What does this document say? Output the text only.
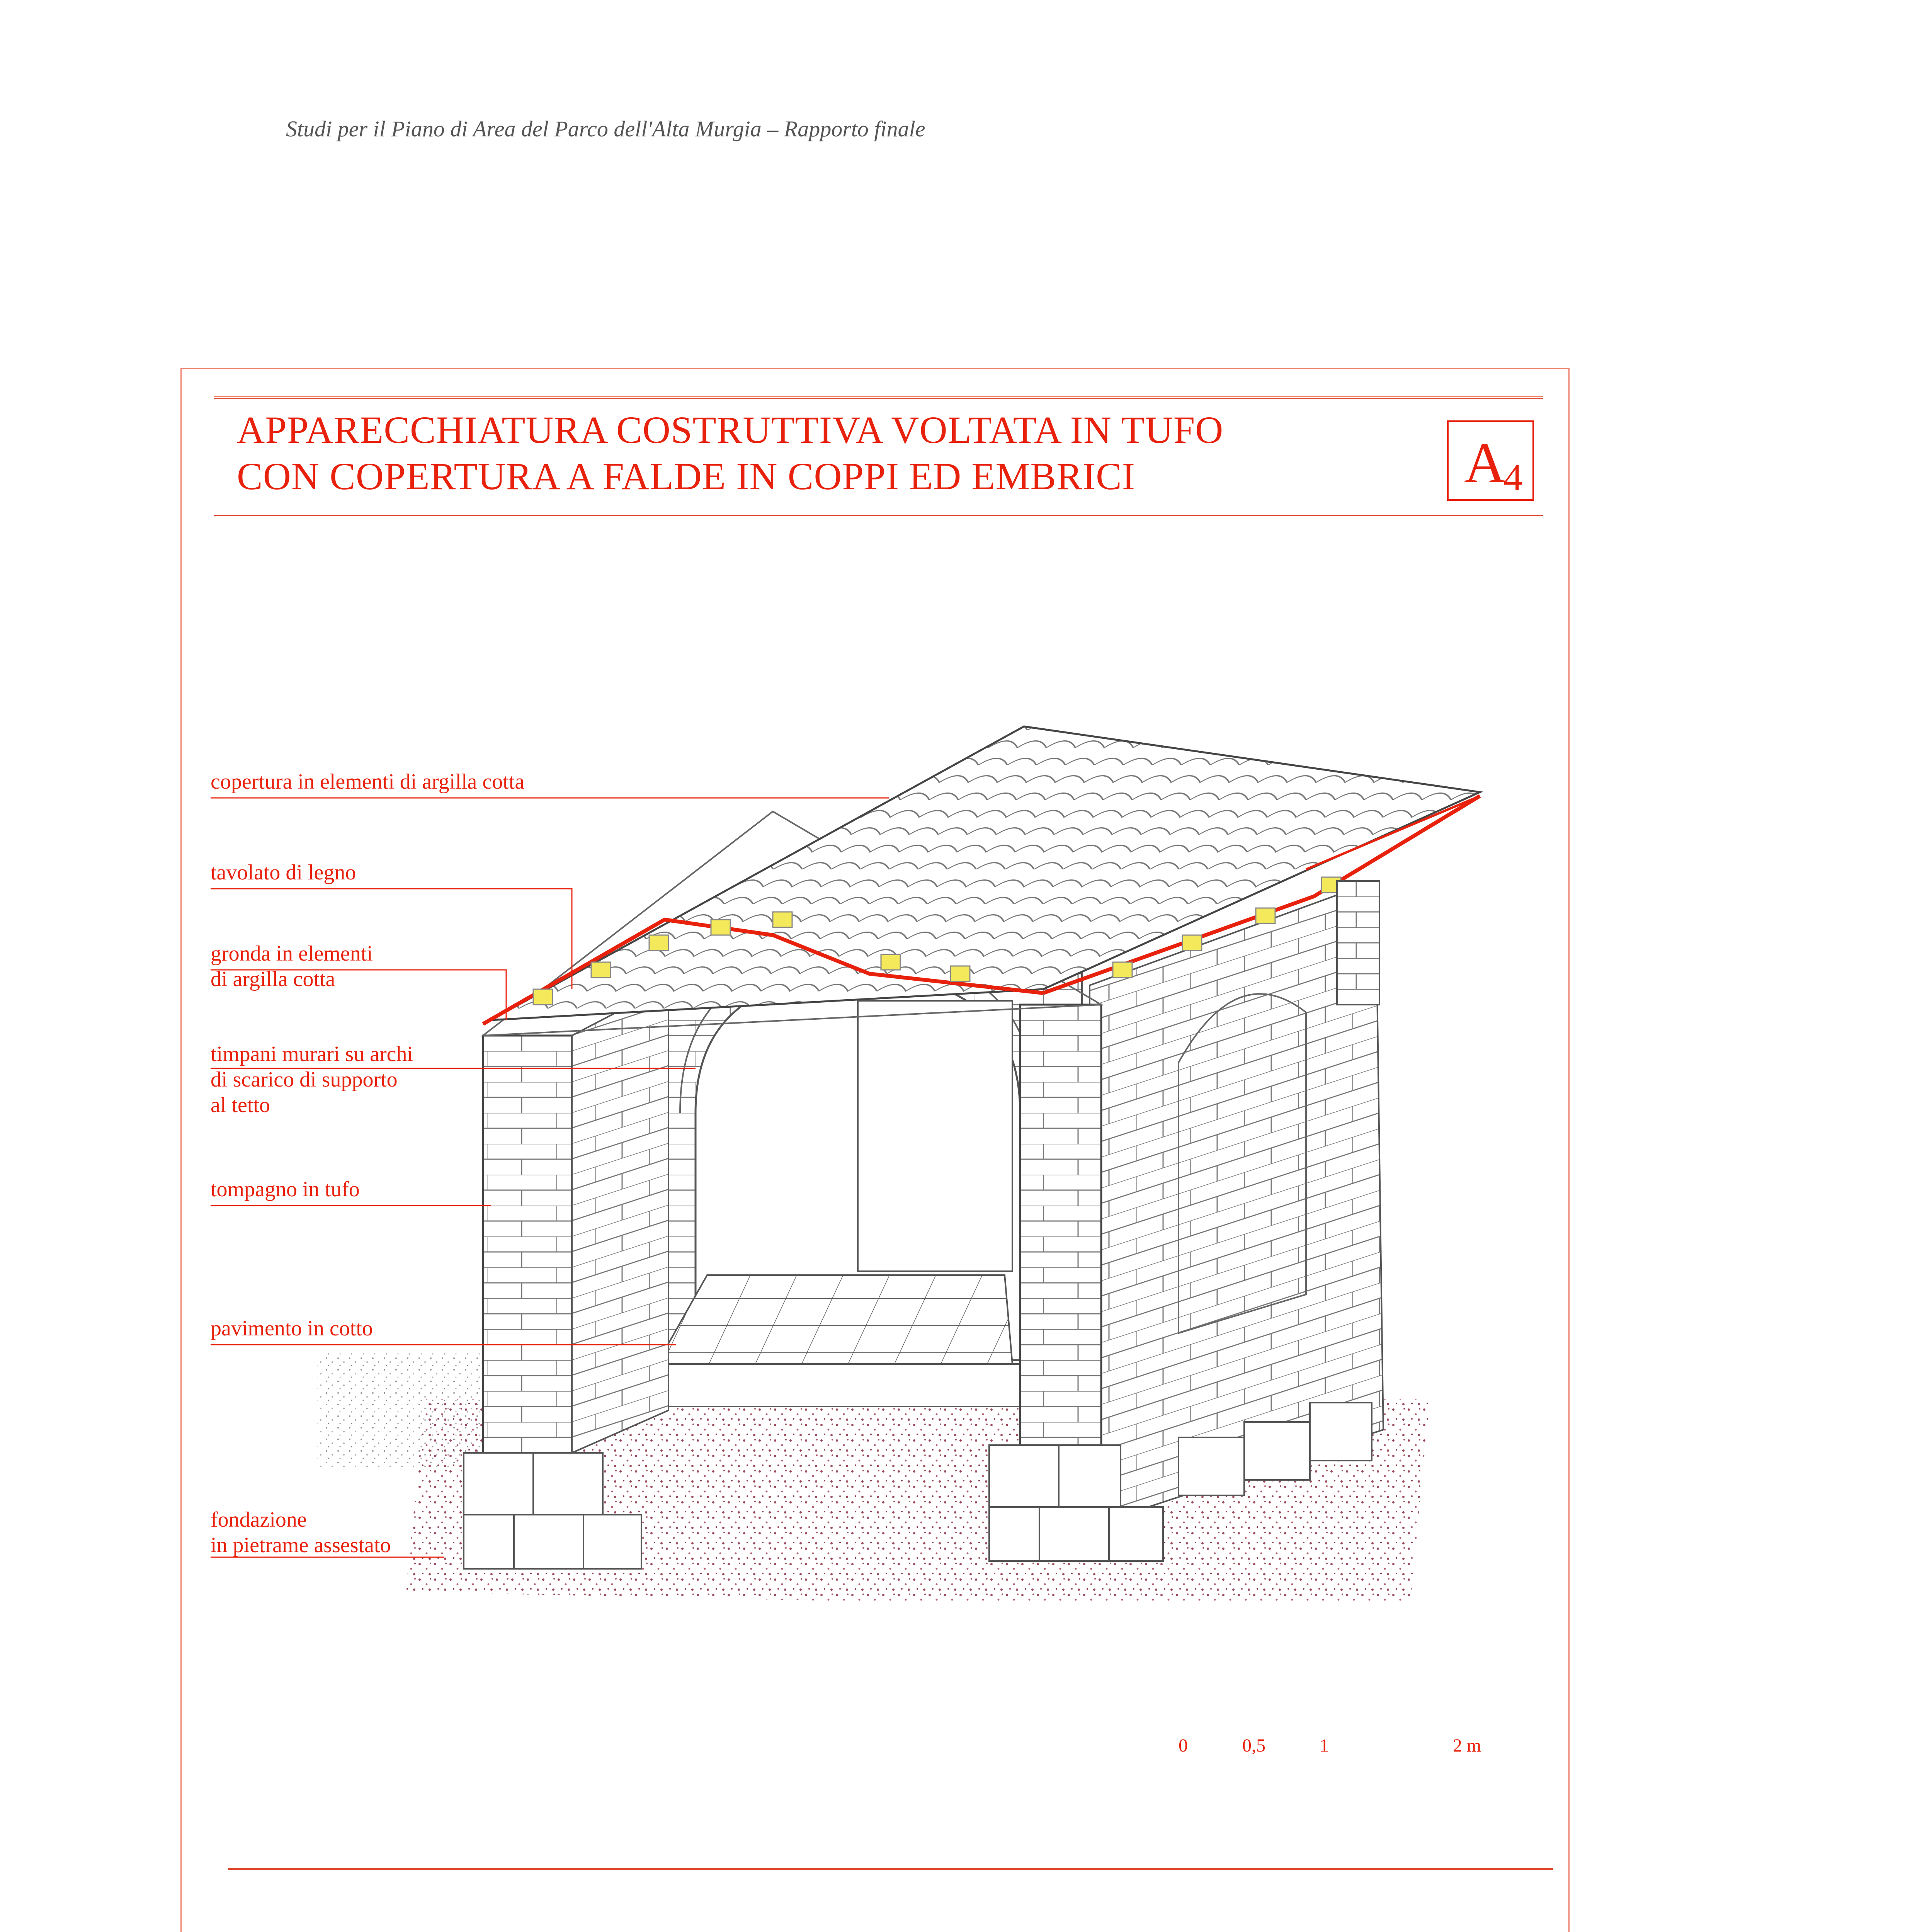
Studi per il Piano di Area del Parco dell'Alta Murgia – Rapporto finale
APPARECCHIATURA COSTRUTTIVA VOLTATA IN TUFO
CON COPERTURA A FALDE IN COPPI ED EMBRICI	A
4
copertura in elementi di argilla cotta
tavolato di legno
gronda in elementi
di argilla cotta
timpani murari su archi
di scarico di supporto
al tetto
tompagno in tufo
pavimento in cotto
fondazione
in pietrame assestato
0	0,5	1	2 m
